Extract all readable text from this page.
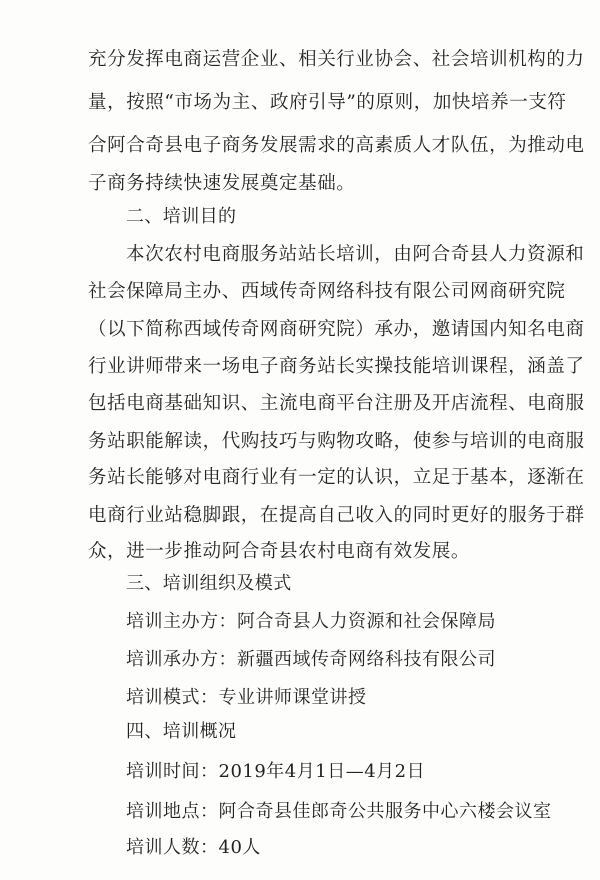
充分发挥电商运营企业、相关行业协会、社会培训机构的力
量，按照“市场为主、政府引导”的原则，加快培养一支符
合阿合奇县电子商务发展需求的高素质人才队伍，为推动电
子商务持续快速发展奠定基础。
二、培训目的
本次农村电商服务站站长培训，由阿合奇县人力资源和
社会保障局主办、西域传奇网络科技有限公司网商研究院
（以下简称西域传奇网商研究院）承办，邀请国内知名电商
行业讲师带来一场电子商务站长实操技能培训课程，涵盖了
包括电商基础知识、主流电商平台注册及开店流程、电商服
务站职能解读，代购技巧与购物攻略，使参与培训的电商服
务站长能够对电商行业有一定的认识，立足于基本，逐渐在
电商行业站稳脚跟，在提高自己收入的同时更好的服务于群
众，进一步推动阿合奇县农村电商有效发展。
三、培训组织及模式
培训主办方：阿合奇县人力资源和社会保障局
培训承办方：新疆西域传奇网络科技有限公司
培训模式：专业讲师课堂讲授
四、培训概况
培训时间：2019年4月1日—4月2日
培训地点：阿合奇县佳郎奇公共服务中心六楼会议室
培训人数：40人
